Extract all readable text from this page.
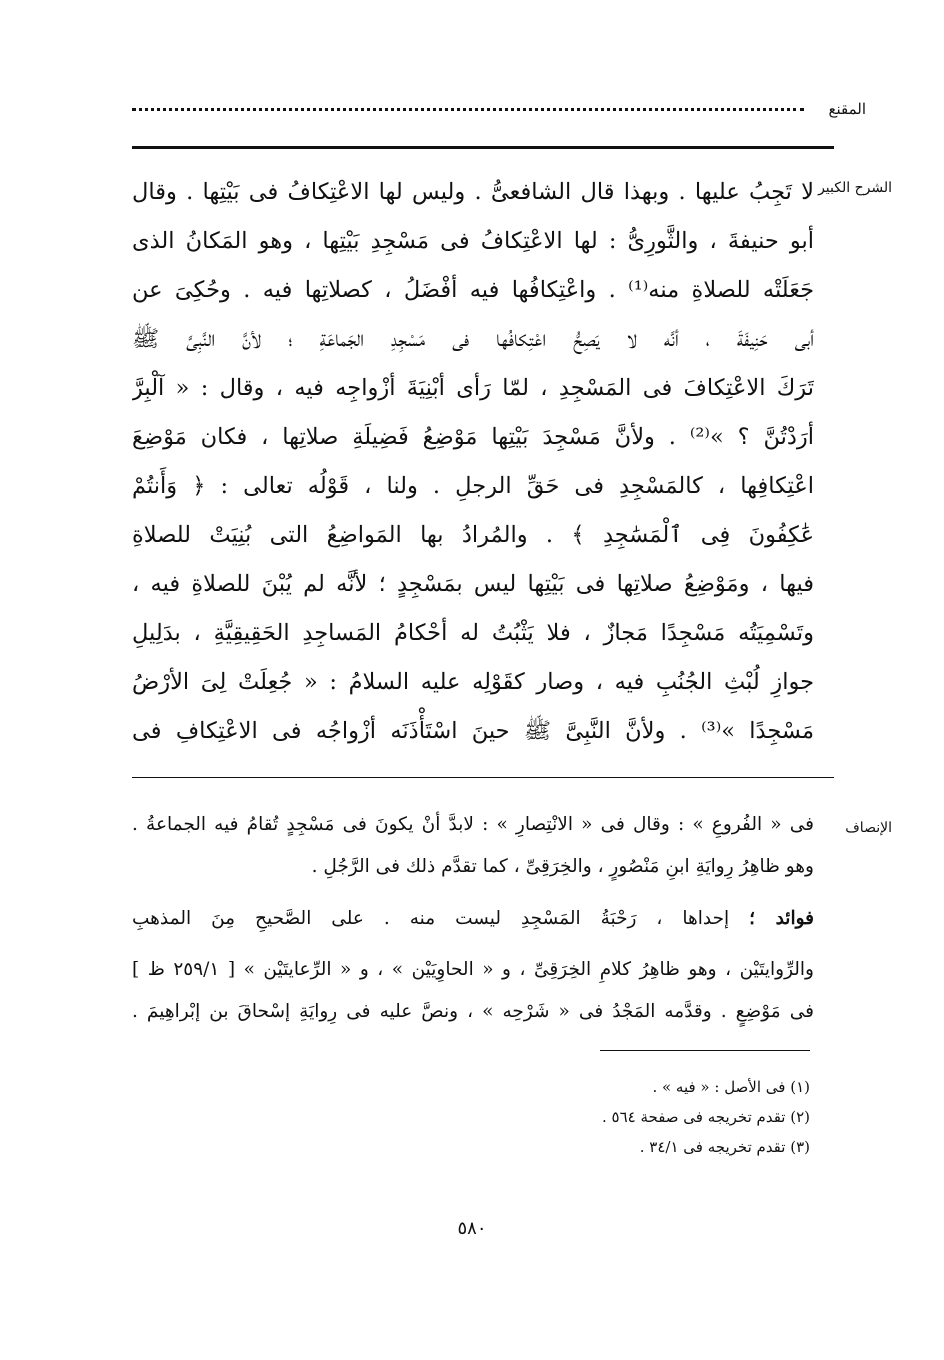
المقنع
الشرح الكبير
لا تَجِبُ عليها . وبهذا قال الشافعىُّ . وليس لها الاعْتِكافُ فى بَيْتِها . وقال
أبو حنيفةَ ، والثَّورِىُّ : لها الاعْتِكافُ فى مَسْجِدِ بَيْتِها ، وهو المَكانُ الذى
جَعَلَتْه للصلاةِ منه⁽¹⁾ . واعْتِكافُها فيه أفْضَلُ ، كصلاتِها فيه . وحُكِىَ عن
أبى حَنِيفَةَ ، أنَّه لا يَصِحُّ اعْتِكافُها فى مَسْجِدِ الجَماعَةِ ؛ لأنَّ النَّبِىَّ ﷺ
تَرَكَ الاعْتِكافَ فى المَسْجِدِ ، لمّا رَأى أبْنِيَةَ أزْواجِه فيه ، وقال : « آلْبِرَّ
أرَدْتُنَّ ؟ »⁽²⁾ . ولأنَّ مَسْجِدَ بَيْتِها مَوْضِعُ فَضِيلَةِ صلاتِها ، فكان مَوْضِعَ
اعْتِكافِها ، كالمَسْجِدِ فى حَقِّ الرجلِ . ولنا ، قَوْلُه تعالى : ﴿ وَأَنتُمْ
عَٰكِفُونَ فِى ٱلْمَسَٰجِدِ ﴾ . والمُرادُ بها المَواضِعُ التى بُنِيَتْ للصلاةِ
فيها ، ومَوْضِعُ صلاتِها فى بَيْتِها ليس بمَسْجِدٍ ؛ لأنَّه لم يُبْنَ للصلاةِ فيه ،
وتَسْمِيَتُه مَسْجِدًا مَجازٌ ، فلا يَثْبُتُ له أحْكامُ المَساجِدِ الحَقِيقِيَّةِ ، بدَلِيلِ
جوازِ لُبْثِ الجُنُبِ فيه ، وصار كقَوْلِه عليه السلامُ : « جُعِلَتْ لِىَ الأرْضُ
مَسْجِدًا »⁽³⁾ . ولأنَّ النَّبِىَّ ﷺ حينَ اسْتَأْذَنَه أزْواجُه فى الاعْتِكافِ فى
الإنصاف
فى « الفُروعِ » : وقال فى « الانْتِصارِ » : لابدَّ أنْ يكونَ فى مَسْجِدٍ تُقامُ فيه الجماعةُ .
وهو ظاهِرُ رِوايَةِ ابنِ مَنْصُورٍ ، والخِرَقِىِّ ، كما تقدَّم ذلك فى الرَّجُلِ .
فوائد ؛ إحداها ، رَحْبَةُ المَسْجِدِ ليست منه . على الصَّحيحِ مِنَ المذهبِ
والرِّوايتَيْن ، وهو ظاهِرُ كلامِ الخِرَقِىِّ ، و « الحاوِيَيْن » ، و « الرِّعايتَيْن » [ ٢٥٩/١ ظ ]
فى مَوْضِعٍ . وقدَّمه المَجْدُ فى « شَرْحِه » ، ونصَّ عليه فى رِوايَةِ إسْحاقَ بن إبْراهِيمَ .
(١) فى الأصل : « فيه » .
(٢) تقدم تخريجه فى صفحة ٥٦٤ .
(٣) تقدم تخريجه فى ٣٤/١ .
٥٨٠
